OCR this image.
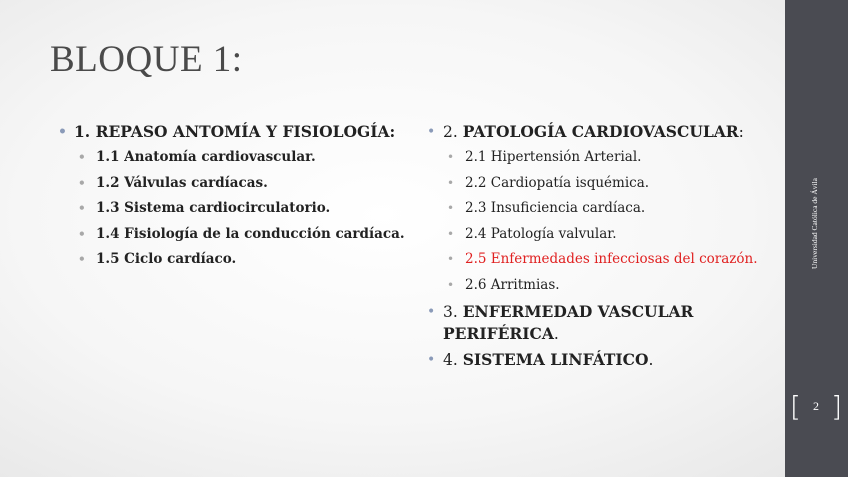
BLOQUE 1:
• 1. REPASO ANTOMÍA Y FISIOLOGÍA:
• 1.1 Anatomía cardiovascular.
• 1.2 Válvulas cardíacas.
• 1.3 Sistema cardiocirculatorio.
• 1.4 Fisiología de la conducción cardíaca.
• 1.5 Ciclo cardíaco.
• 2. PATOLOGÍA CARDIOVASCULAR:
• 2.1 Hipertensión Arterial.
• 2.2 Cardiopatía isquémica.
• 2.3 Insuficiencia cardíaca.
• 2.4 Patología valvular.
• 2.5 Enfermedades infecciosas del corazón.
• 2.6 Arritmias.
• 3. ENFERMEDAD VASCULAR PERIFÉRICA.
• 4. SISTEMA LINFÁTICO.
Universidad Católica de Ávila
[	2 ]
